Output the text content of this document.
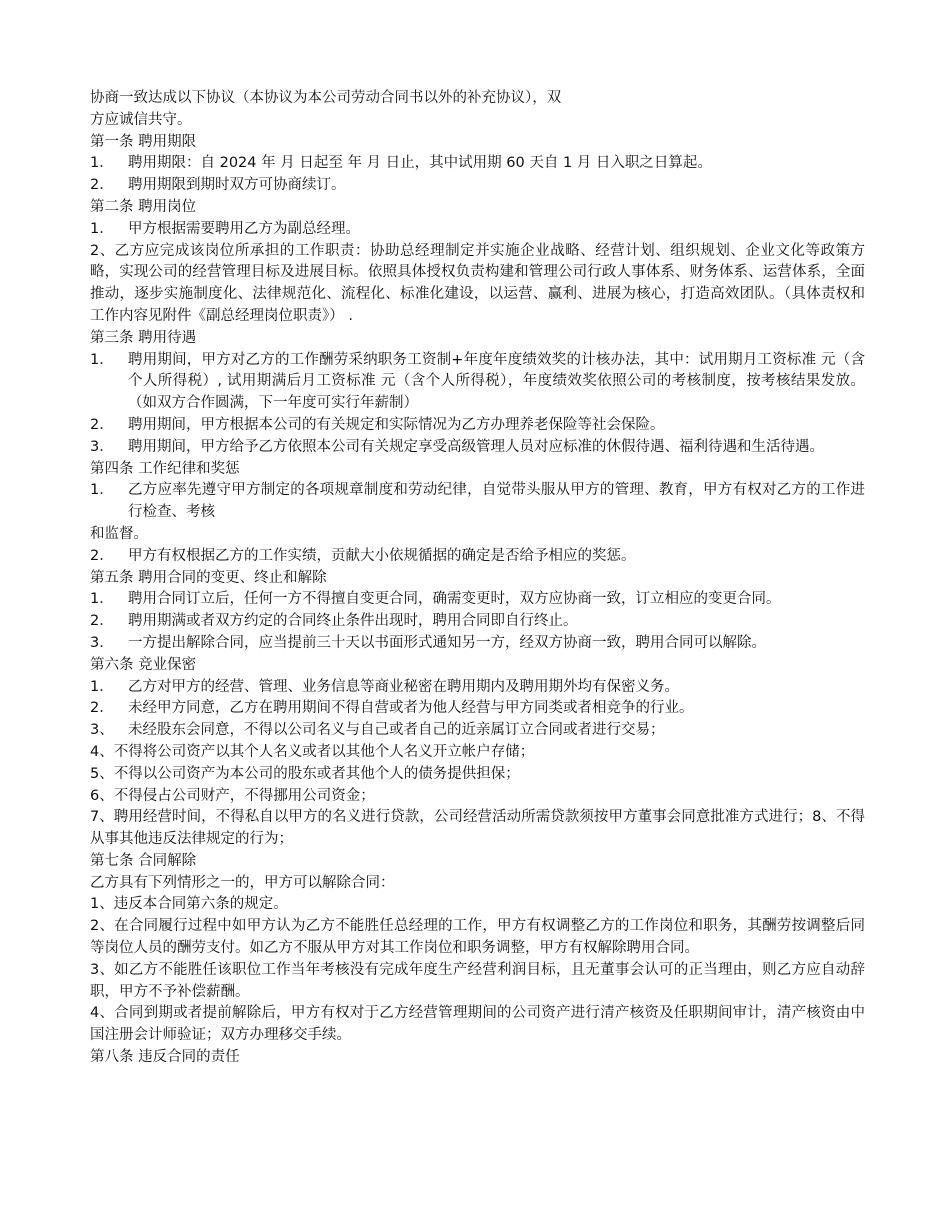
协商一致达成以下协议（本协议为本公司劳动合同书以外的补充协议），双
方应诚信共守。
第一条 聘用期限
1． 聘用期限：自 2024 年 月 日起至 年 月 日止，其中试用期 60 天自 1 月 日入职之日算起。
2． 聘用期限到期时双方可协商续订。
第二条 聘用岗位
1． 甲方根据需要聘用乙方为副总经理。
2、乙方应完成该岗位所承担的工作职责：协助总经理制定并实施企业战略、经营计划、组织规划、企业文化等政策方略，实现公司的经营管理目标及进展目标。依照具体授权负责构建和管理公司行政人事体系、财务体系、运营体系，全面推动，逐步实施制度化、法律规范化、流程化、标准化建设，以运营、赢利、进展为核心，打造高效团队。（具体责权和工作内容见附件《副总经理岗位职责》） .
第三条 聘用待遇
1． 聘用期间，甲方对乙方的工作酬劳采纳职务工资制+年度年度绩效奖的计核办法，其中：试用期月工资标准 元（含个人所得税）, 试用期满后月工资标准 元（含个人所得税），年度绩效奖依照公司的考核制度，按考核结果发放。（如双方合作圆满，下一年度可实行年薪制）
2． 聘用期间，甲方根据本公司的有关规定和实际情况为乙方办理养老保险等社会保险。
3． 聘用期间，甲方给予乙方依照本公司有关规定享受高级管理人员对应标准的休假待遇、福利待遇和生活待遇。
第四条 工作纪律和奖惩
1． 乙方应率先遵守甲方制定的各项规章制度和劳动纪律，自觉带头服从甲方的管理、教育，甲方有权对乙方的工作进行检查、考核
和监督。
2． 甲方有权根据乙方的工作实绩，贡献大小依规循据的确定是否给予相应的奖惩。
第五条 聘用合同的变更、终止和解除
1． 聘用合同订立后，任何一方不得擅自变更合同，确需变更时，双方应协商一致，订立相应的变更合同。
2． 聘用期满或者双方约定的合同终止条件出现时，聘用合同即自行终止。
3． 一方提出解除合同，应当提前三十天以书面形式通知另一方，经双方协商一致，聘用合同可以解除。
第六条 竞业保密
1． 乙方对甲方的经营、管理、业务信息等商业秘密在聘用期内及聘用期外均有保密义务。
2． 未经甲方同意，乙方在聘用期间不得自营或者为他人经营与甲方同类或者相竞争的行业。
3、 未经股东会同意，不得以公司名义与自己或者自己的近亲属订立合同或者进行交易；
4、不得将公司资产以其个人名义或者以其他个人名义开立帐户存储；
5、不得以公司资产为本公司的股东或者其他个人的债务提供担保；
6、不得侵占公司财产，不得挪用公司资金；
7、聘用经营时间，不得私自以甲方的名义进行贷款，公司经营活动所需贷款须按甲方董事会同意批准方式进行；8、不得从事其他违反法律规定的行为；
第七条 合同解除
乙方具有下列情形之一的，甲方可以解除合同：
1、违反本合同第六条的规定。
2、在合同履行过程中如甲方认为乙方不能胜任总经理的工作，甲方有权调整乙方的工作岗位和职务，其酬劳按调整后同等岗位人员的酬劳支付。如乙方不服从甲方对其工作岗位和职务调整，甲方有权解除聘用合同。
3、如乙方不能胜任该职位工作当年考核没有完成年度生产经营利润目标，且无董事会认可的正当理由，则乙方应自动辞职，甲方不予补偿薪酬。
4、合同到期或者提前解除后，甲方有权对于乙方经营管理期间的公司资产进行清产核资及任职期间审计，清产核资由中国注册会计师验证；双方办理移交手续。
第八条 违反合同的责任
